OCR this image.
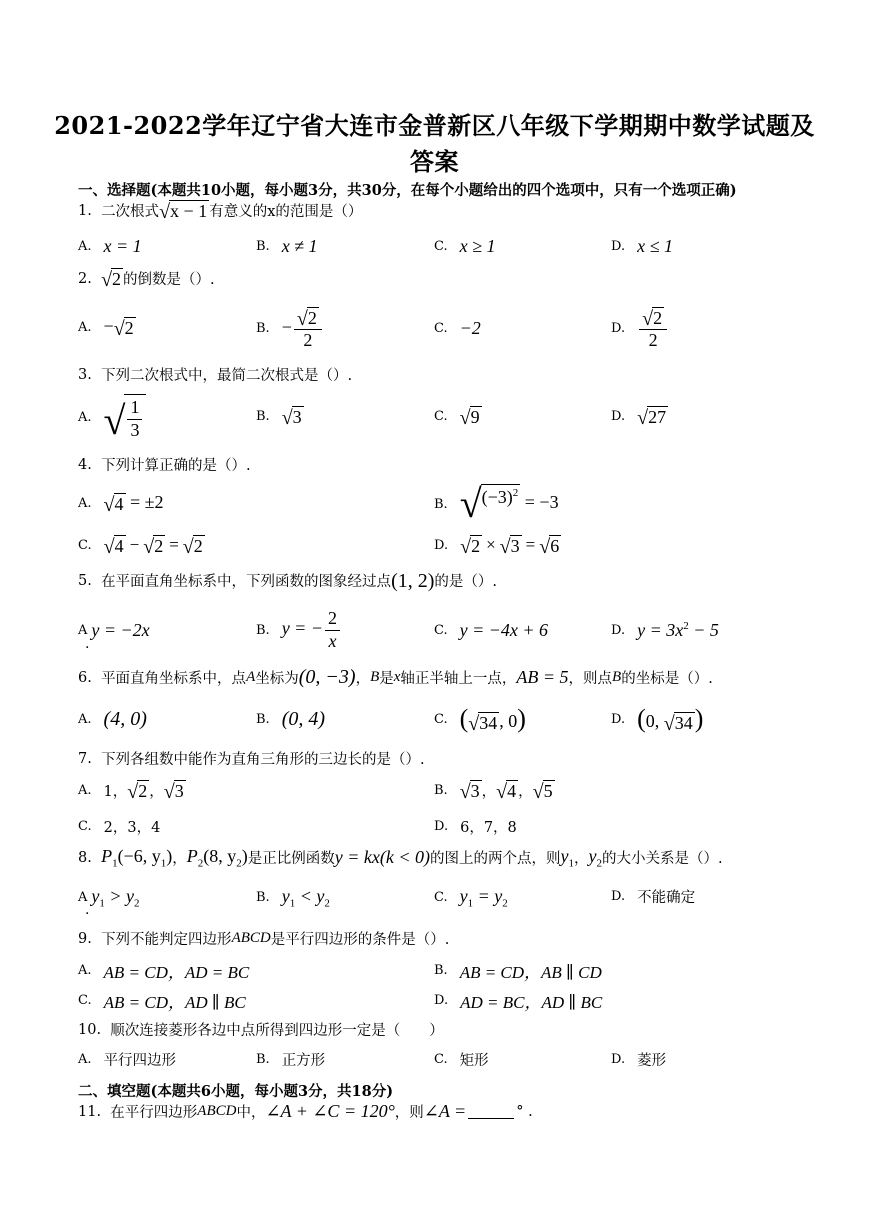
2021-2022学年辽宁省大连市金普新区八年级下学期期中数学试题及
答案
一、选择题(本题共10小题，每小题3分，共30分，在每个小题给出的四个选项中，只有一个选项正确)
1.
二次根式 √ x − 1 有意义的x的范围是（）
A. x = 1	B. x ≠ 1	C. x ≥ 1	D. x ≤ 1
2.
√ 2 的倒数是（）.
A. − √ 2	B. − $\frac{√ 2}{2}$	C. −2	D. $\frac{√ 2}{2}$
3.
下列二次根式中，最简二次根式是（）.
A. √ $\frac{1}{3}$	B. √ 3	C. √ 9	D. √ 27
4.
下列计算正确的是（）.
A. √ 4 = ±2	B. √ $(-3)^2 = -3$
C. √ 4 − √ 2 = √ 2	D. √ 2 × √ 3 = √ 6
5.
在平面直角坐标系中，下列函数的图象经过点 (1, 2) 的是（）.
A y = −2x
.
B. y = − $\frac{2}{x}$	C. y = −4x + 6	D. $y = 3x^2 - 5$
6.
平面直角坐标系中，点 A 坐标为 (0, −3) ， B 是 x 轴正半轴上一点， AB = 5 ，则点 B 的坐标是（）.
A. (4, 0)	B. (0, 4)	C. ( √ 34 , 0)	D. (0, √ 34 )
7.
下列各组数中能作为直角三角形的三边长的是（）.
A. 1， √ 2 ， √ 3	B. √ 3 ， √ 4 ， √ 5
C. 2，3，4	D. 6，7，8
8.
$P_1(-6$, $y_1$) ， $P_2(8$, $y_2$) 是正比例函数 y = kx (k < 0) 的图上的两个点，则 $y_1$ ， $y_2$ 的大小关系是（）.
A $y_1 > y_2$
.
B. $y_1 < y_2$	C. $y_1 = y_2$	D. 不能确定
9.
下列不能判定四边形 ABCD 是平行四边形的条件是（）.
A. AB = CD，AD = BC	B. AB = CD，AB ∥ CD
C. AB = CD，AD ∥ BC	D. AD = BC，AD ∥ BC
10.
顺次连接菱形各边中点所得到四边形一定是（　　）
A. 平行四边形	B. 正方形	C. 矩形	D. 菱形
二、填空题(本题共6小题，每小题3分，共18分)
11.
在平行四边形 ABCD 中， ∠A + ∠C = 120° ，则 ∠A =	°
.
